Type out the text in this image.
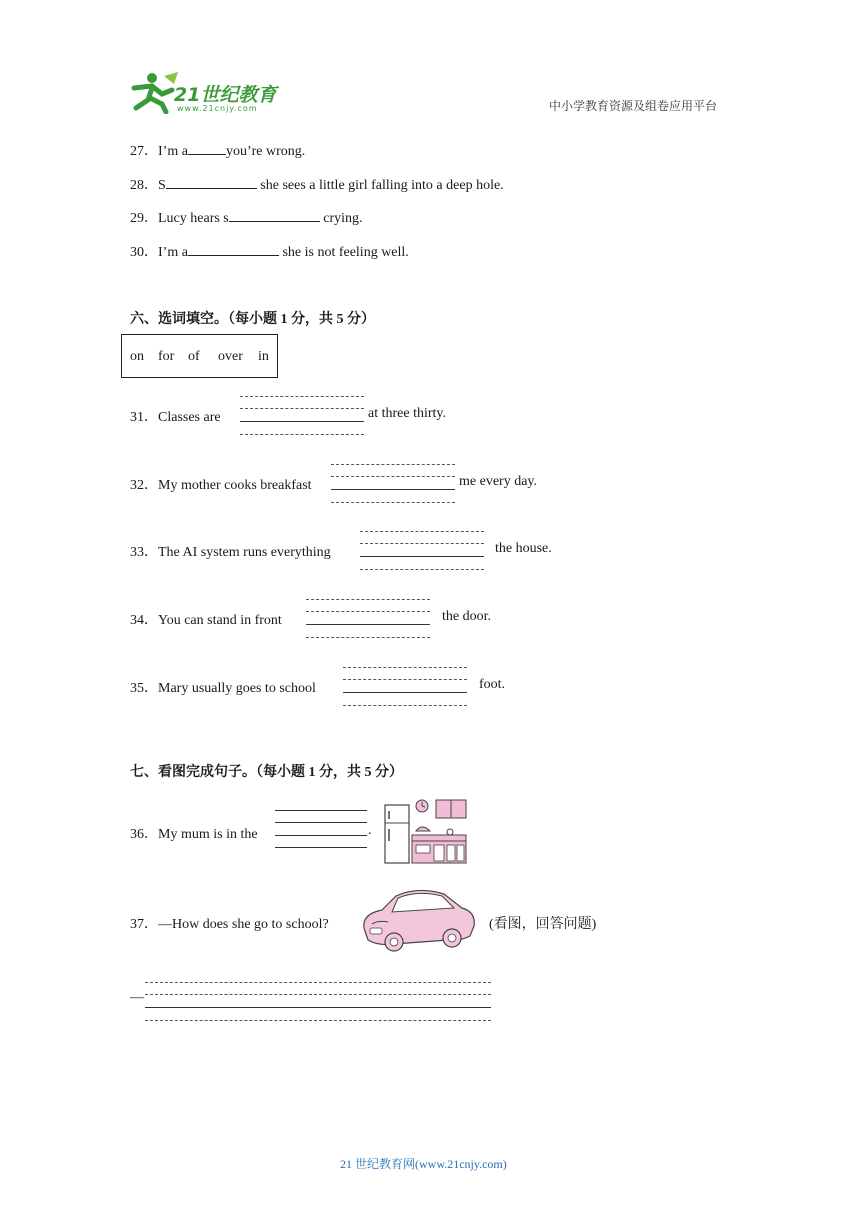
21世纪教育
www.21cnjy.com	中小学教育资源及组卷应用平台
27．I’m a	you’re wrong.
28．S	she sees a little girl falling into a deep hole.
29．Lucy hears s	crying.
30．I’m a	she is not feeling well.
六、选词填空。（每小题 1 分，共 5 分）
on for of over in
31．Classes are	at three thirty.
32．My mother cooks breakfast	me every day.
33．The AI system runs everything	the house.
34．You can stand in front	the door.
35．Mary usually goes to school	foot.
七、看图完成句子。（每小题 1 分，共 5 分）
36．My mum is in the	.
37．—How does she go to school?	(看图，回答问题)
—
21 世纪教育网(www.21cnjy.com)
